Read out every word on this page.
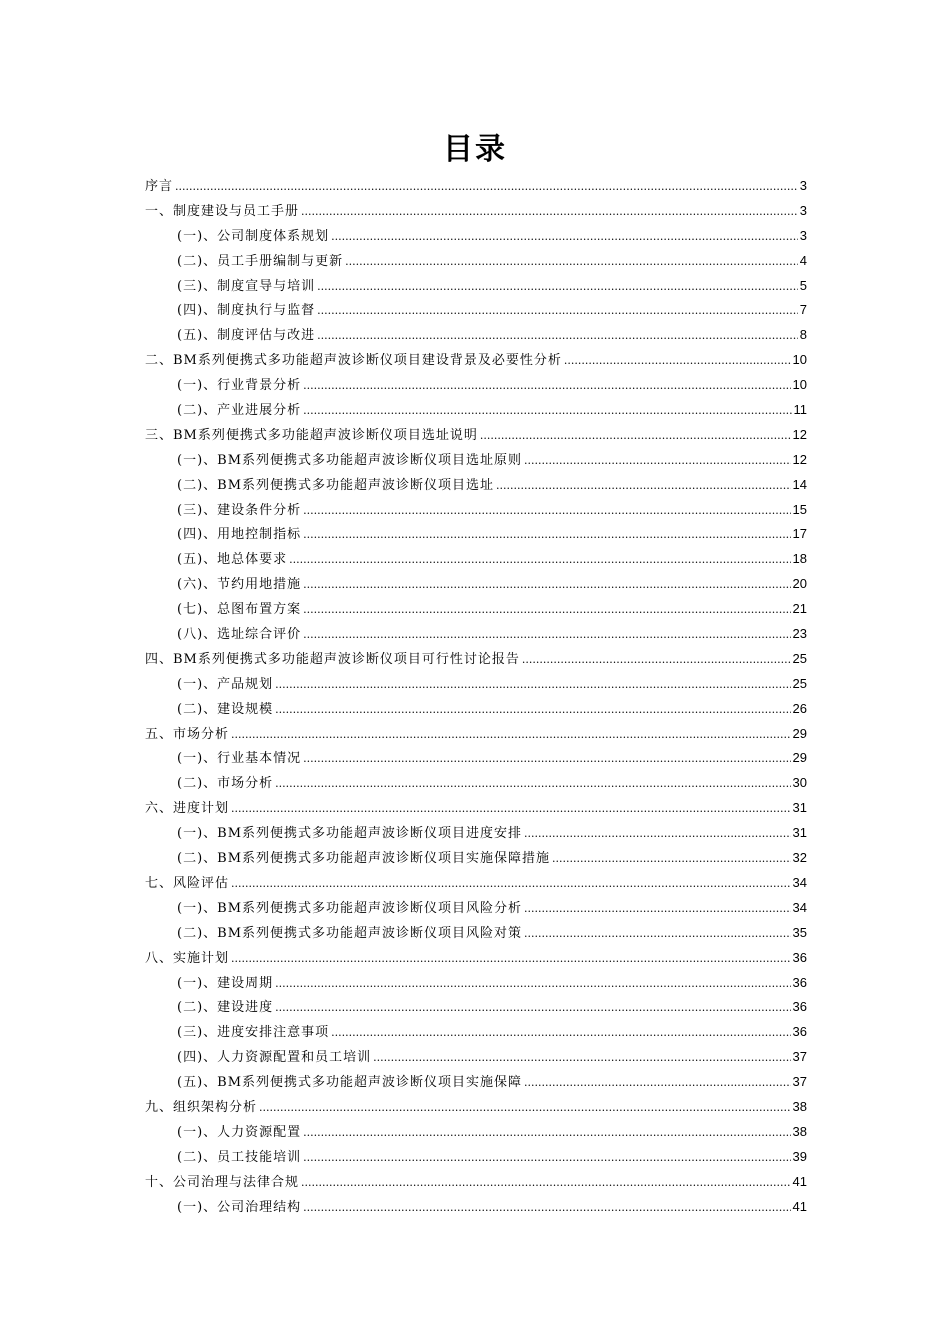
目录
序言 .....	3
一、制度建设与员工手册 .....	3
(一)、公司制度体系规划 .....	3
(二)、员工手册编制与更新 .....	4
(三)、制度宣导与培训 .....	5
(四)、制度执行与监督 .....	7
(五)、制度评估与改进 .....	8
二、BM系列便携式多功能超声波诊断仪项目建设背景及必要性分析 .....	10
(一)、行业背景分析 .....	10
(二)、产业进展分析 .....	11
三、BM系列便携式多功能超声波诊断仪项目选址说明 .....	12
(一)、BM系列便携式多功能超声波诊断仪项目选址原则 .....	12
(二)、BM系列便携式多功能超声波诊断仪项目选址 .....	14
(三)、建设条件分析 .....	15
(四)、用地控制指标 .....	17
(五)、地总体要求 .....	18
(六)、节约用地措施 .....	20
(七)、总图布置方案 .....	21
(八)、选址综合评价 .....	23
四、BM系列便携式多功能超声波诊断仪项目可行性讨论报告 .....	25
(一)、产品规划 .....	25
(二)、建设规模 .....	26
五、市场分析 .....	29
(一)、行业基本情况 .....	29
(二)、市场分析 .....	30
六、进度计划 .....	31
(一)、BM系列便携式多功能超声波诊断仪项目进度安排 .....	31
(二)、BM系列便携式多功能超声波诊断仪项目实施保障措施 .....	32
七、风险评估 .....	34
(一)、BM系列便携式多功能超声波诊断仪项目风险分析 .....	34
(二)、BM系列便携式多功能超声波诊断仪项目风险对策 .....	35
八、实施计划 .....	36
(一)、建设周期 .....	36
(二)、建设进度 .....	36
(三)、进度安排注意事项 .....	36
(四)、人力资源配置和员工培训 .....	37
(五)、BM系列便携式多功能超声波诊断仪项目实施保障 .....	37
九、组织架构分析 .....	38
(一)、人力资源配置 .....	38
(二)、员工技能培训 .....	39
十、公司治理与法律合规 .....	41
(一)、公司治理结构 .....	41
